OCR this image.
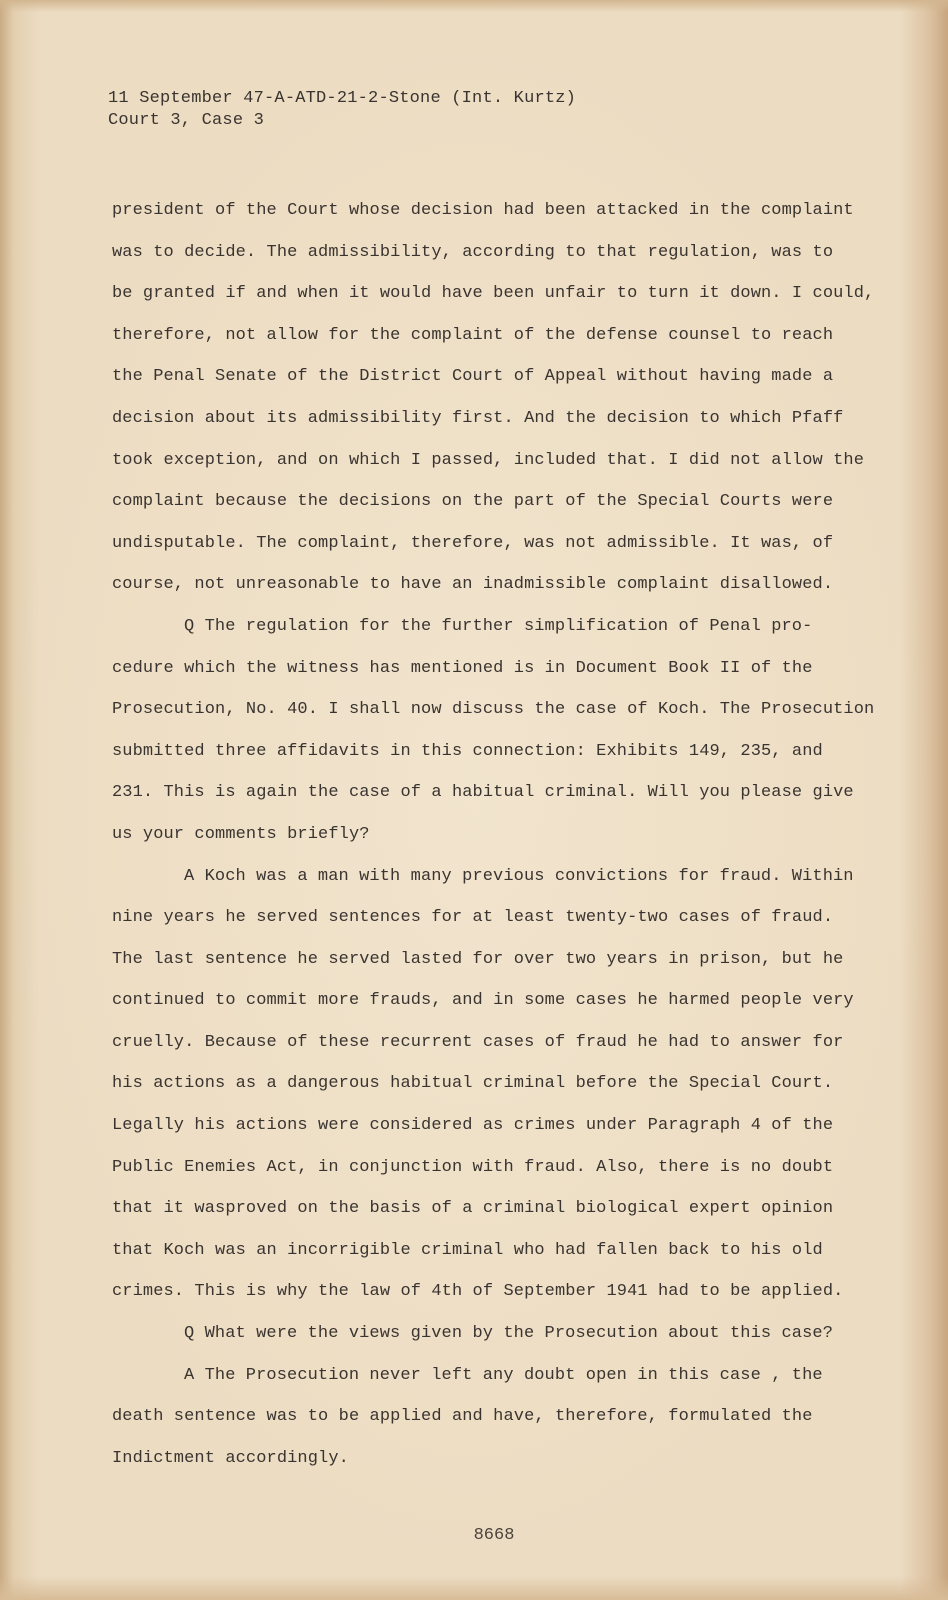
11 September 47-A-ATD-21-2-Stone (Int. Kurtz)
Court 3, Case 3
president of the Court whose decision had been attacked in the complaint
was to decide. The admissibility, according to that regulation, was to
be granted if and when it would have been unfair to turn it down. I could,
therefore, not allow for the complaint of the defense counsel to reach
the Penal Senate of the District Court of Appeal without having made a
decision about its admissibility first. And the decision to which Pfaff
took exception, and on which I passed, included that. I did not allow the
complaint because the decisions on the part of the Special Courts were
undisputable. The complaint, therefore, was not admissible. It was, of
course, not unreasonable to have an inadmissible complaint disallowed.
Q The regulation for the further simplification of Penal pro-
cedure which the witness has mentioned is in Document Book II of the
Prosecution, No. 40. I shall now discuss the case of Koch. The Prosecution
submitted three affidavits in this connection: Exhibits 149, 235, and
231. This is again the case of a habitual criminal. Will you please give
us your comments briefly?
A Koch was a man with many previous convictions for fraud. Within
nine years he served sentences for at least twenty-two cases of fraud.
The last sentence he served lasted for over two years in prison, but he
continued to commit more frauds, and in some cases he harmed people very
cruelly. Because of these recurrent cases of fraud he had to answer for
his actions as a dangerous habitual criminal before the Special Court.
Legally his actions were considered as crimes under Paragraph 4 of the
Public Enemies Act, in conjunction with fraud. Also, there is no doubt
that it wasproved on the basis of a criminal biological expert opinion
that Koch was an incorrigible criminal who had fallen back to his old
crimes. This is why the law of 4th of September 1941 had to be applied.
Q What were the views given by the Prosecution about this case?
A The Prosecution never left any doubt open in this case , the
death sentence was to be applied and have, therefore, formulated the
Indictment accordingly.
8668
